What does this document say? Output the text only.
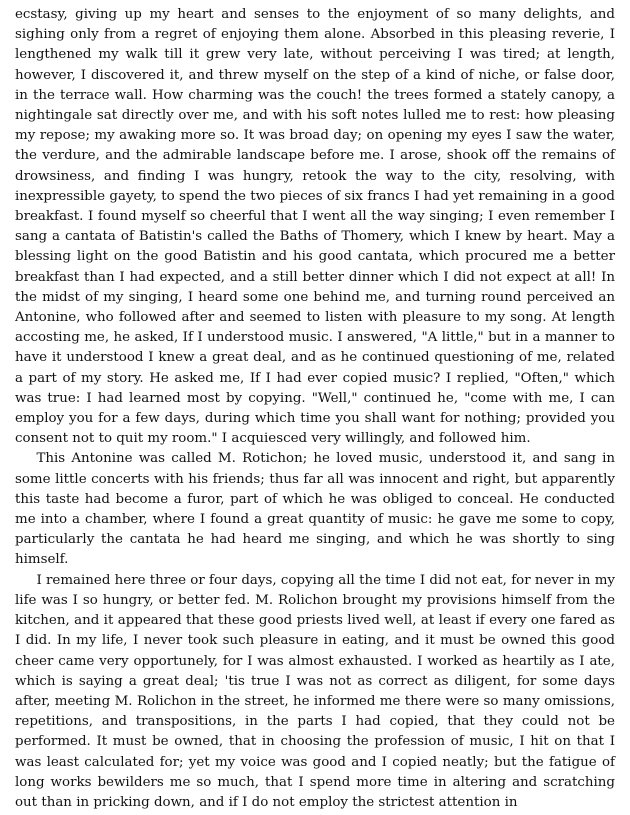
ecstasy, giving up my heart and senses to the enjoyment of so many delights, and sighing only from a regret of enjoying them alone. Absorbed in this pleasing reverie, I lengthened my walk till it grew very late, without perceiving I was tired; at length, however, I discovered it, and threw myself on the step of a kind of niche, or false door, in the terrace wall. How charming was the couch! the trees formed a stately canopy, a nightingale sat directly over me, and with his soft notes lulled me to rest: how pleasing my repose; my awaking more so. It was broad day; on opening my eyes I saw the water, the verdure, and the admirable landscape before me. I arose, shook off the remains of drowsiness, and finding I was hungry, retook the way to the city, resolving, with inexpressible gayety, to spend the two pieces of six francs I had yet remaining in a good breakfast. I found myself so cheerful that I went all the way singing; I even remember I sang a cantata of Batistin's called the Baths of Thomery, which I knew by heart. May a blessing light on the good Batistin and his good cantata, which procured me a better breakfast than I had expected, and a still better dinner which I did not expect at all! In the midst of my singing, I heard some one behind me, and turning round perceived an Antonine, who followed after and seemed to listen with pleasure to my song. At length accosting me, he asked, If I understood music. I answered, "A little," but in a manner to have it understood I knew a great deal, and as he continued questioning of me, related a part of my story. He asked me, If I had ever copied music? I replied, "Often," which was true: I had learned most by copying. "Well," continued he, "come with me, I can employ you for a few days, during which time you shall want for nothing; provided you consent not to quit my room." I acquiesced very willingly, and followed him.

This Antonine was called M. Rotichon; he loved music, understood it, and sang in some little concerts with his friends; thus far all was innocent and right, but apparently this taste had become a furor, part of which he was obliged to conceal. He conducted me into a chamber, where I found a great quantity of music: he gave me some to copy, particularly the cantata he had heard me singing, and which he was shortly to sing himself.

I remained here three or four days, copying all the time I did not eat, for never in my life was I so hungry, or better fed. M. Rolichon brought my provisions himself from the kitchen, and it appeared that these good priests lived well, at least if every one fared as I did. In my life, I never took such pleasure in eating, and it must be owned this good cheer came very opportunely, for I was almost exhausted. I worked as heartily as I ate, which is saying a great deal; 'tis true I was not as correct as diligent, for some days after, meeting M. Rolichon in the street, he informed me there were so many omissions, repetitions, and transpositions, in the parts I had copied, that they could not be performed. It must be owned, that in choosing the profession of music, I hit on that I was least calculated for; yet my voice was good and I copied neatly; but the fatigue of long works bewilders me so much, that I spend more time in altering and scratching out than in pricking down, and if I do not employ the strictest attention in
